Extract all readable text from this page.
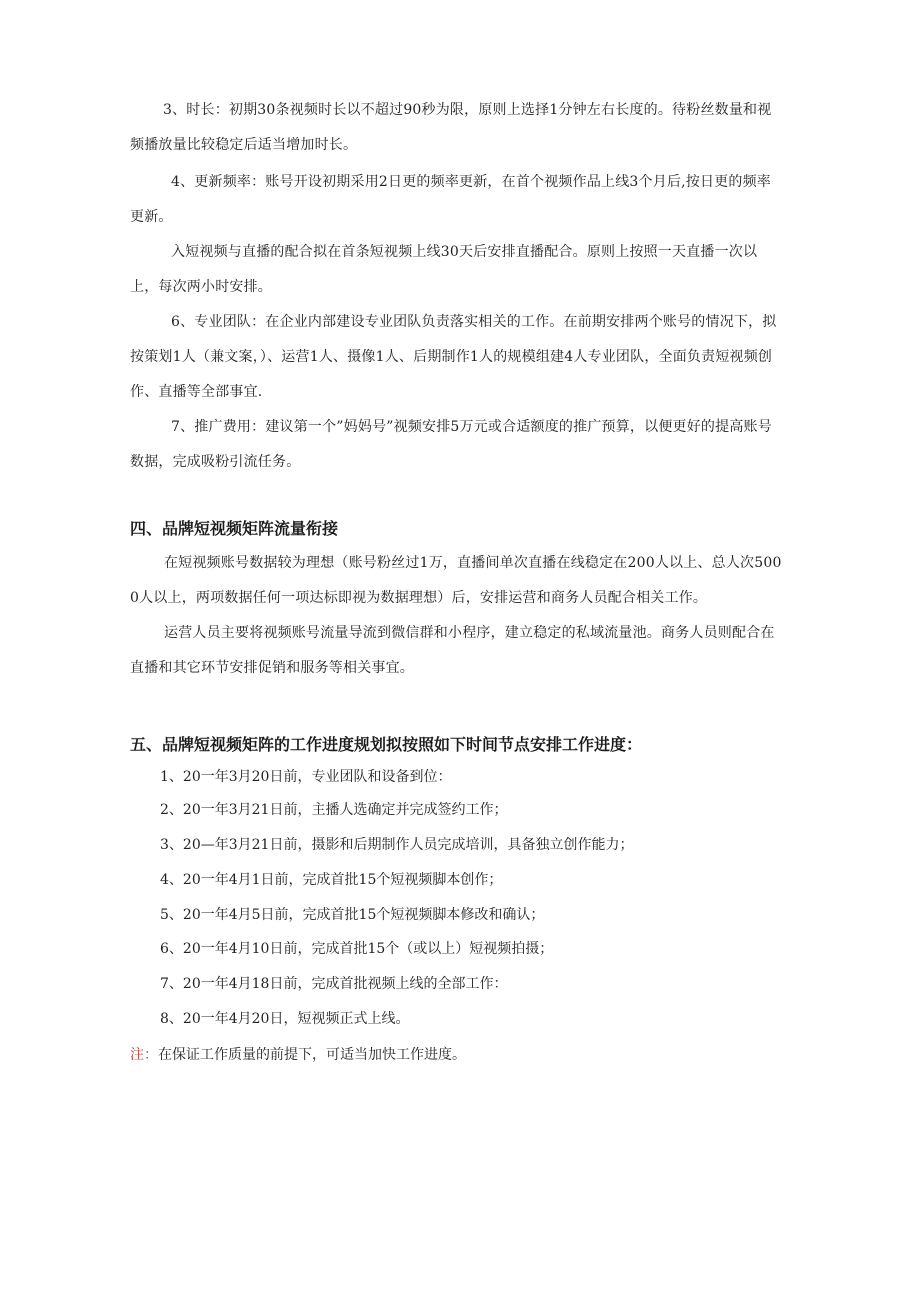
3、时长：初期30条视频时长以不超过90秒为限，原则上选择1分钟左右长度的。待粉丝数量和视频播放量比较稳定后适当增加时长。

4、更新频率：账号开设初期采用2日更的频率更新，在首个视频作品上线3个月后,按日更的频率更新。

入短视频与直播的配合拟在首条短视频上线30天后安排直播配合。原则上按照一天直播一次以上，每次两小时安排。

6、专业团队：在企业内部建设专业团队负责落实相关的工作。在前期安排两个账号的情况下，拟按策划1人（兼文案，）、运营1人、摄像1人、后期制作1人的规模组建4人专业团队，全面负责短视频创作、直播等全部事宜.

7、推广费用：建议第一个”妈妈号”视频安排5万元或合适额度的推广预算，以便更好的提高账号数据，完成吸粉引流任务。

四、品牌短视频矩阵流量衔接

在短视频账号数据较为理想（账号粉丝过1万，直播间单次直播在线稳定在200人以上、总人次5000人以上，两项数据任何一项达标即视为数据理想）后，安排运营和商务人员配合相关工作。

运营人员主要将视频账号流量导流到微信群和小程序，建立稳定的私域流量池。商务人员则配合在直播和其它环节安排促销和服务等相关事宜。

五、品牌短视频矩阵的工作进度规划拟按照如下时间节点安排工作进度：

1、20一年3月20日前，专业团队和设备到位：

2、20一年3月21日前，主播人选确定并完成签约工作；

3、20—年3月21日前，摄影和后期制作人员完成培训，具备独立创作能力；

4、20一年4月1日前，完成首批15个短视频脚本创作；

5、20一年4月5日前，完成首批15个短视频脚本修改和确认；

6、20一年4月10日前，完成首批15个（或以上）短视频拍摄；

7、20一年4月18日前，完成首批视频上线的全部工作：

8、20一年4月20日，短视频正式上线。

注：在保证工作质量的前提下，可适当加快工作进度。
